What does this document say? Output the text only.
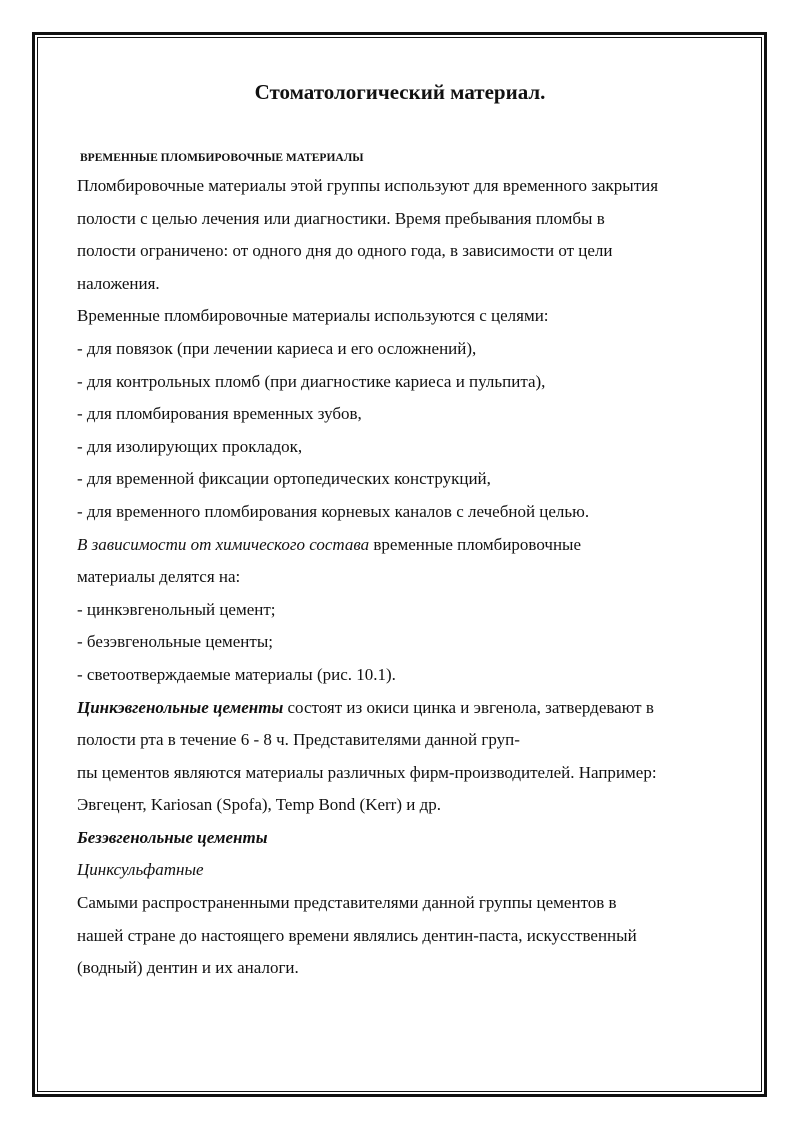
Стоматологический материал.
ВРЕМЕННЫЕ ПЛОМБИРОВОЧНЫЕ МАТЕРИАЛЫ

Пломбировочные материалы этой группы используют для временного закрытия

полости с целью лечения или диагностики. Время пребывания пломбы в

полости ограничено: от одного дня до одного года, в зависимости от цели

наложения.

Временные пломбировочные материалы используются с целями:

- для повязок (при лечении кариеса и его осложнений),

- для контрольных пломб (при диагностике кариеса и пульпита),

- для пломбирования временных зубов,

- для изолирующих прокладок,

- для временной фиксации ортопедических конструкций,

- для временного пломбирования корневых каналов с лечебной целью.

В зависимости от химического состава временные пломбировочные

материалы делятся на:

- цинкэвгенольный цемент;

- безэвгенольные цементы;

- светоотверждаемые материалы (рис. 10.1).

Цинкэвгенольные цементы состоят из окиси цинка и эвгенола, затвердевают в

полости рта в течение 6 - 8 ч. Представителями данной груп-

пы цементов являются материалы различных фирм-производителей. Например:

Эвгецент, Kariosan (Spofa), Temp Bond (Kerr) и др.

Безэвгенольные цементы

Цинксульфатные

Самыми распространенными представителями данной группы цементов в

нашей стране до настоящего времени являлись дентин-паста, искусственный

(водный) дентин и их аналоги.
